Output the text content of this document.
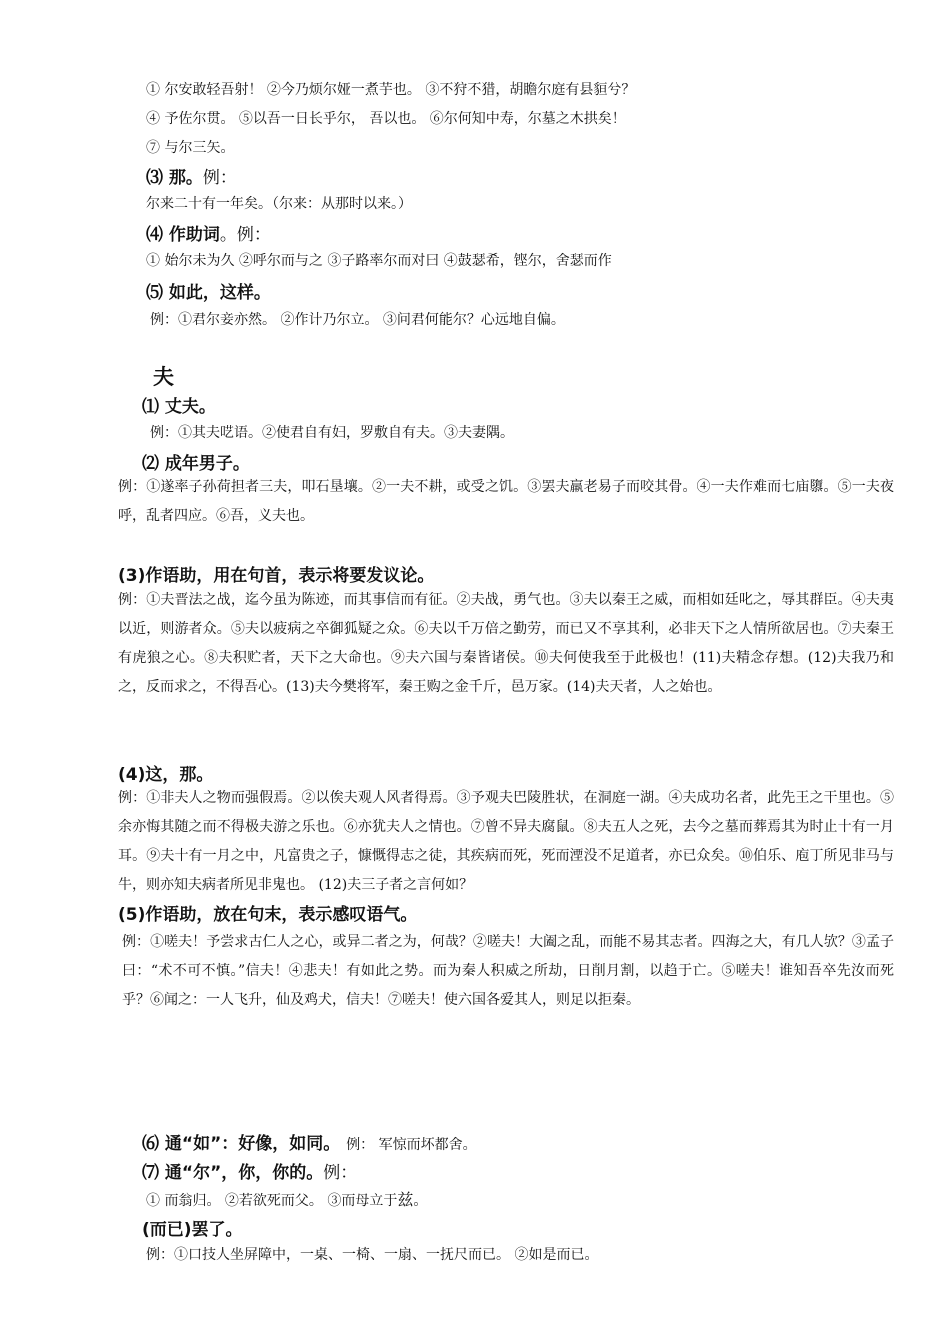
① 尔安敢轻吾射！ ②今乃烦尔娅一煮芋也。 ③不狩不猎，胡瞻尔庭有县貆兮？

④ 予佐尔贯。 ⑤以吾一日长乎尔， 吾以也。 ⑥尔何知中寿，尔墓之木拱矣！

⑦ 与尔三矢。

⑶ 那。例：

尔来二十有一年矣。（尔来：从那时以来。）

⑷ 作助词。例：

① 始尔未为久 ②呼尔而与之 ③子路率尔而对曰 ④鼓瑟希，铿尔，舍瑟而作

⑸ 如此，这样。

例：①君尔妾亦然。 ②作计乃尔立。 ③问君何能尔？心远地自偏。

夫

⑴ 丈夫。

例：①其夫呓语。②使君自有妇，罗敷自有夫。③夫妻隅。

⑵ 成年男子。

例：①遂率子孙荷担者三夫，叩石垦壤。②一夫不耕，或受之饥。③罢夫羸老易子而咬其骨。④一夫作难而七庙隳。⑤一夫夜呼，乱者四应。⑥吾，义夫也。

(3)作语助，用在句首，表示将要发议论。

例：①夫晋法之战，迄今虽为陈迹，而其事信而有征。②夫战，勇气也。③夫以秦王之威，而相如廷叱之，辱其群臣。④夫夷以近，则游者众。⑤夫以疲病之卒御狐疑之众。⑥夫以千万倍之勤劳，而已又不享其利，必非天下之人情所欲居也。⑦夫秦王有虎狼之心。⑧夫积贮者，天下之大命也。⑨夫六国与秦皆诸侯。⑩夫何使我至于此极也！(11)夫精念存想。(12)夫我乃和之，反而求之，不得吾心。(13)夫今樊将军，秦王购之金千斤，邑万家。(14)夫天者，人之始也。

(4)这，那。

例：①非夫人之物而强假焉。②以俟夫观人风者得焉。③予观夫巴陵胜状，在洞庭一湖。④夫成功名者，此先王之干里也。⑤余亦悔其随之而不得极夫游之乐也。⑥亦犹夫人之情也。⑦曾不异夫腐鼠。⑧夫五人之死，去今之墓而葬焉其为时止十有一月耳。⑨夫十有一月之中，凡富贵之子，慷慨得志之徒，其疾病而死，死而湮没不足道者，亦已众矣。⑩伯乐、庖丁所见非马与牛，则亦知夫病者所见非鬼也。 (12)夫三子者之言何如？

(5)作语助，放在句末，表示感叹语气。

例：①嗟夫！予尝求古仁人之心，或异二者之为，何哉？②嗟夫！大阖之乱，而能不易其志者。四海之大，有几人欤？③孟子曰：“术不可不慎。”信夫！④悲夫！有如此之势。而为秦人积威之所劫，日削月割，以趋于亡。⑤嗟夫！谁知吾卒先汝而死乎？⑥闻之：一人飞升，仙及鸡犬，信夫！⑦嗟夫！使六国各爱其人，则足以拒秦。

⑹ 通“如”：好像，如同。 例： 军惊而坏都舍。

⑺ 通“尔”，你，你的。例：

① 而翁归。 ②若欲死而父。 ③而母立于兹。

(而已)罢了。

例：①口技人坐屏障中，一桌、一椅、一扇、一抚尺而已。 ②如是而已。
